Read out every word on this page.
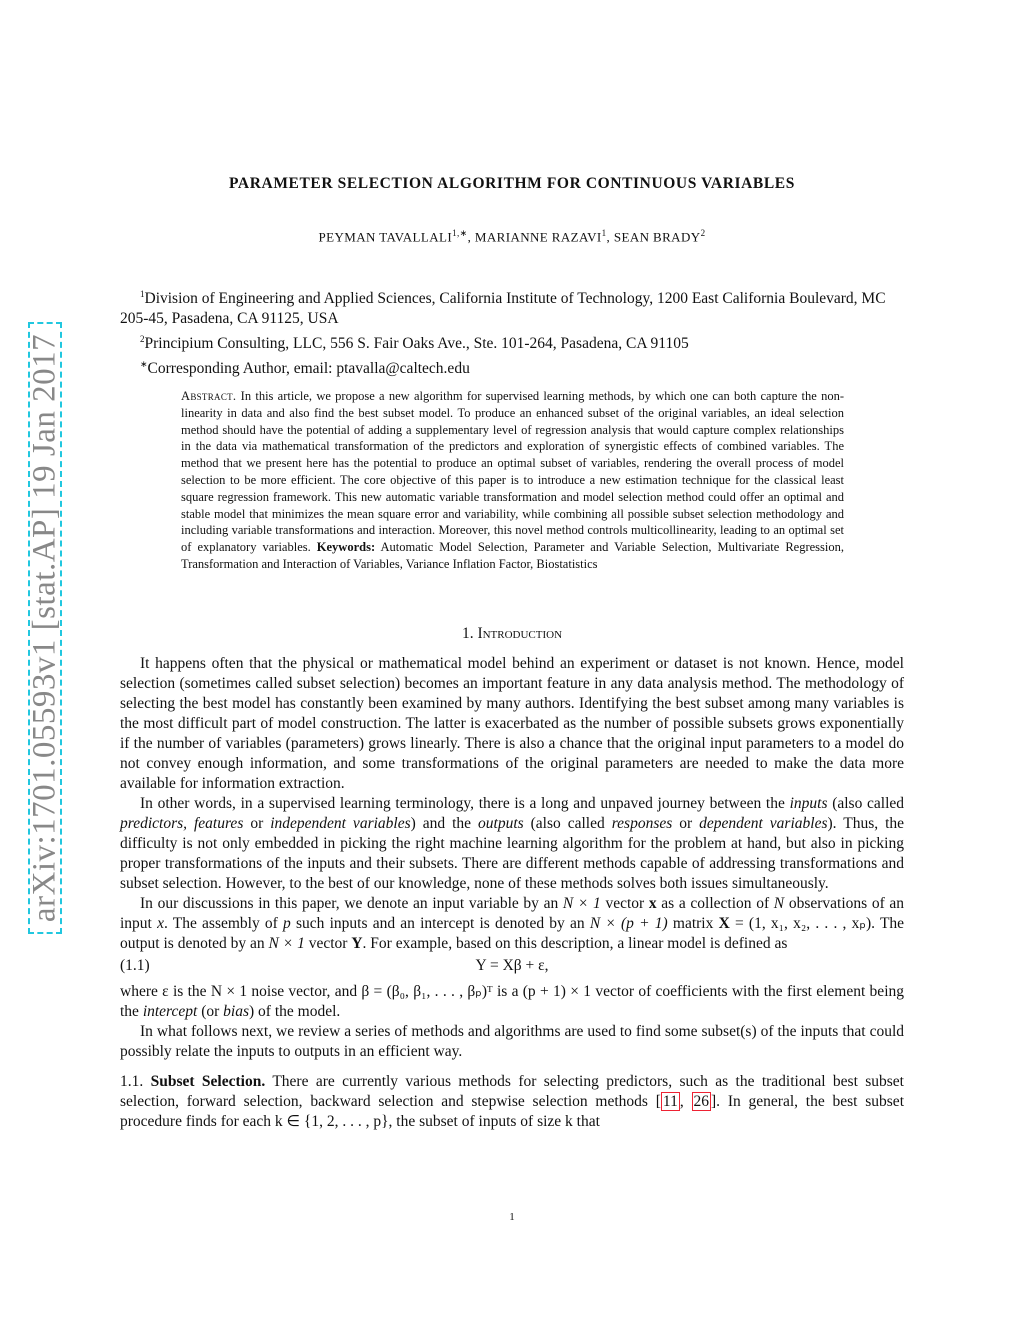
arXiv:1701.05593v1 [stat.AP] 19 Jan 2017
PARAMETER SELECTION ALGORITHM FOR CONTINUOUS VARIABLES
PEYMAN $TAVALLALI^{1,∗}$, MARIANNE RAZAVI$^1$, SEAN BRADY$^2$

$^1$Division of Engineering and Applied Sciences, California Institute of Technology, 1200 East California Boulevard, MC 205-45, Pasadena, CA 91125, USA

$^2$Principium Consulting, LLC, 556 S. Fair Oaks Ave., Ste. 101-264, Pasadena, CA 91105

∗Corresponding Author, email: ptavalla@caltech.edu

Abstract. In this article, we propose a new algorithm for supervised learning methods, by which one can both capture the non-linearity in data and also find the best subset model. To produce an enhanced subset of the original variables, an ideal selection method should have the potential of adding a supplementary level of regression analysis that would capture complex relationships in the data via mathematical transformation of the predictors and exploration of synergistic effects of combined variables. The method that we present here has the potential to produce an optimal subset of variables, rendering the overall process of model selection to be more efficient. The core objective of this paper is to introduce a new estimation technique for the classical least square regression framework. This new automatic variable transformation and model selection method could offer an optimal and stable model that minimizes the mean square error and variability, while combining all possible subset selection methodology and including variable transformations and interaction. Moreover, this novel method controls multicollinearity, leading to an optimal set of explanatory variables. Keywords: Automatic Model Selection, Parameter and Variable Selection, Multivariate Regression, Transformation and Interaction of Variables, Variance Inflation Factor, Biostatistics
1. Introduction

It happens often that the physical or mathematical model behind an experiment or dataset is not known. Hence, model selection (sometimes called subset selection) becomes an important feature in any data analysis method. The methodology of selecting the best model has constantly been examined by many authors. Identifying the best subset among many variables is the most difficult part of model construction. The latter is exacerbated as the number of possible subsets grows exponentially if the number of variables (parameters) grows linearly. There is also a chance that the original input parameters to a model do not convey enough information, and some transformations of the original parameters are needed to make the data more available for information extraction.

In other words, in a supervised learning terminology, there is a long and unpaved journey between the inputs (also called predictors, features or independent variables) and the outputs (also called responses or dependent variables). Thus, the difficulty is not only embedded in picking the right machine learning algorithm for the problem at hand, but also in picking proper transformations of the inputs and their subsets. There are different methods capable of addressing transformations and subset selection. However, to the best of our knowledge, none of these methods solves both issues simultaneously.

In our discussions in this paper, we denote an input variable by an N × 1 vector x as a collection of N observations of an input x. The assembly of p such inputs and an intercept is denoted by an N × (p + 1) matrix X = (1, x₁, x₂, . . . , xₚ). The output is denoted by an N × 1 vector Y. For example, based on this description, a linear model is defined as

(1.1)	Y = Xβ + ε,

where ε is the N × 1 noise vector, and β = (β₀, β₁, . . . , βₚ)ᵀ is a (p + 1) × 1 vector of coefficients with the first element being the intercept (or bias) of the model.

In what follows next, we review a series of methods and algorithms are used to find some subset(s) of the inputs that could possibly relate the inputs to outputs in an efficient way.

1.1. Subset Selection. There are currently various methods for selecting predictors, such as the traditional best subset selection, forward selection, backward selection and stepwise selection methods [ 11 , 26 ]. In general, the best subset procedure finds for each k ∈ {1, 2, . . . , p}, the subset of inputs of size k that

1
